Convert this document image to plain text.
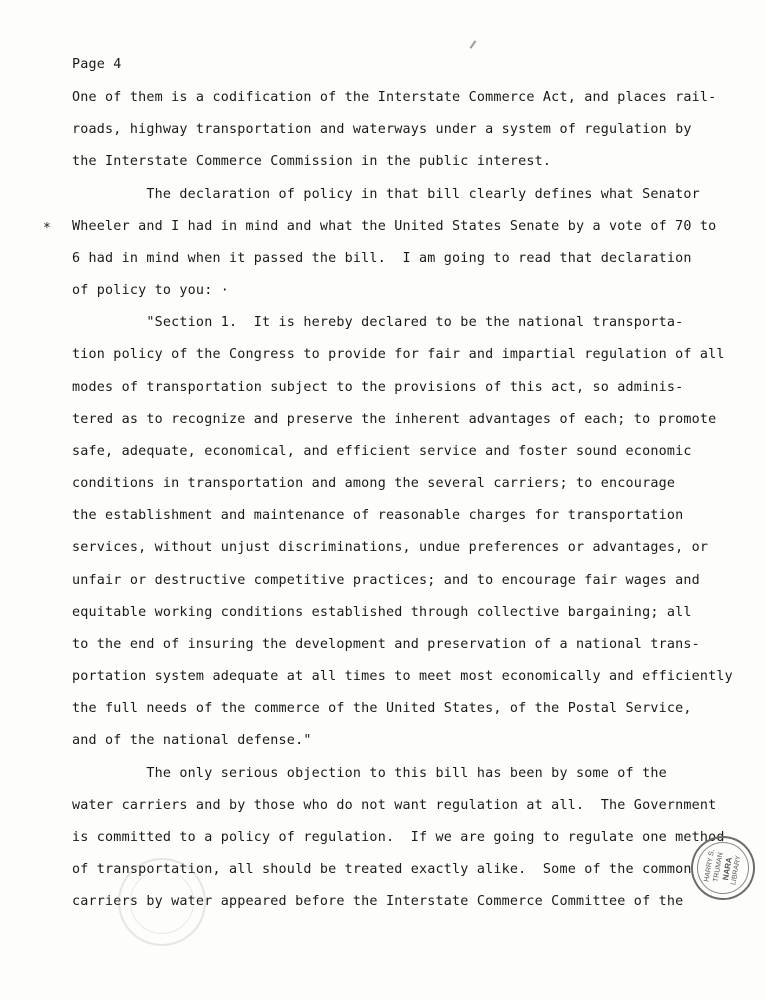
Page 4
*
One of them is a codification of the Interstate Commerce Act, and places rail-
roads, highway transportation and waterways under a system of regulation by
the Interstate Commerce Commission in the public interest.
The declaration of policy in that bill clearly defines what Senator
Wheeler and I had in mind and what the United States Senate by a vote of 70 to
6 had in mind when it passed the bill.  I am going to read that declaration
of policy to you: ·
"Section 1.  It is hereby declared to be the national transporta-
tion policy of the Congress to provide for fair and impartial regulation of all
modes of transportation subject to the provisions of this act, so adminis-
tered as to recognize and preserve the inherent advantages of each; to promote
safe, adequate, economical, and efficient service and foster sound economic
conditions in transportation and among the several carriers; to encourage
the establishment and maintenance of reasonable charges for transportation
services, without unjust discriminations, undue preferences or advantages, or
unfair or destructive competitive practices; and to encourage fair wages and
equitable working conditions established through collective bargaining; all
to the end of insuring the development and preservation of a national trans-
portation system adequate at all times to meet most economically and efficiently
the full needs of the commerce of the United States, of the Postal Service,
and of the national defense."
The only serious objection to this bill has been by some of the
water carriers and by those who do not want regulation at all.  The Government
is committed to a policy of regulation.  If we are going to regulate one method
of transportation, all should be treated exactly alike.  Some of the common
carriers by water appeared before the Interstate Commerce Committee of the
HARRY S. TRUMAN
NARA
LIBRARY
